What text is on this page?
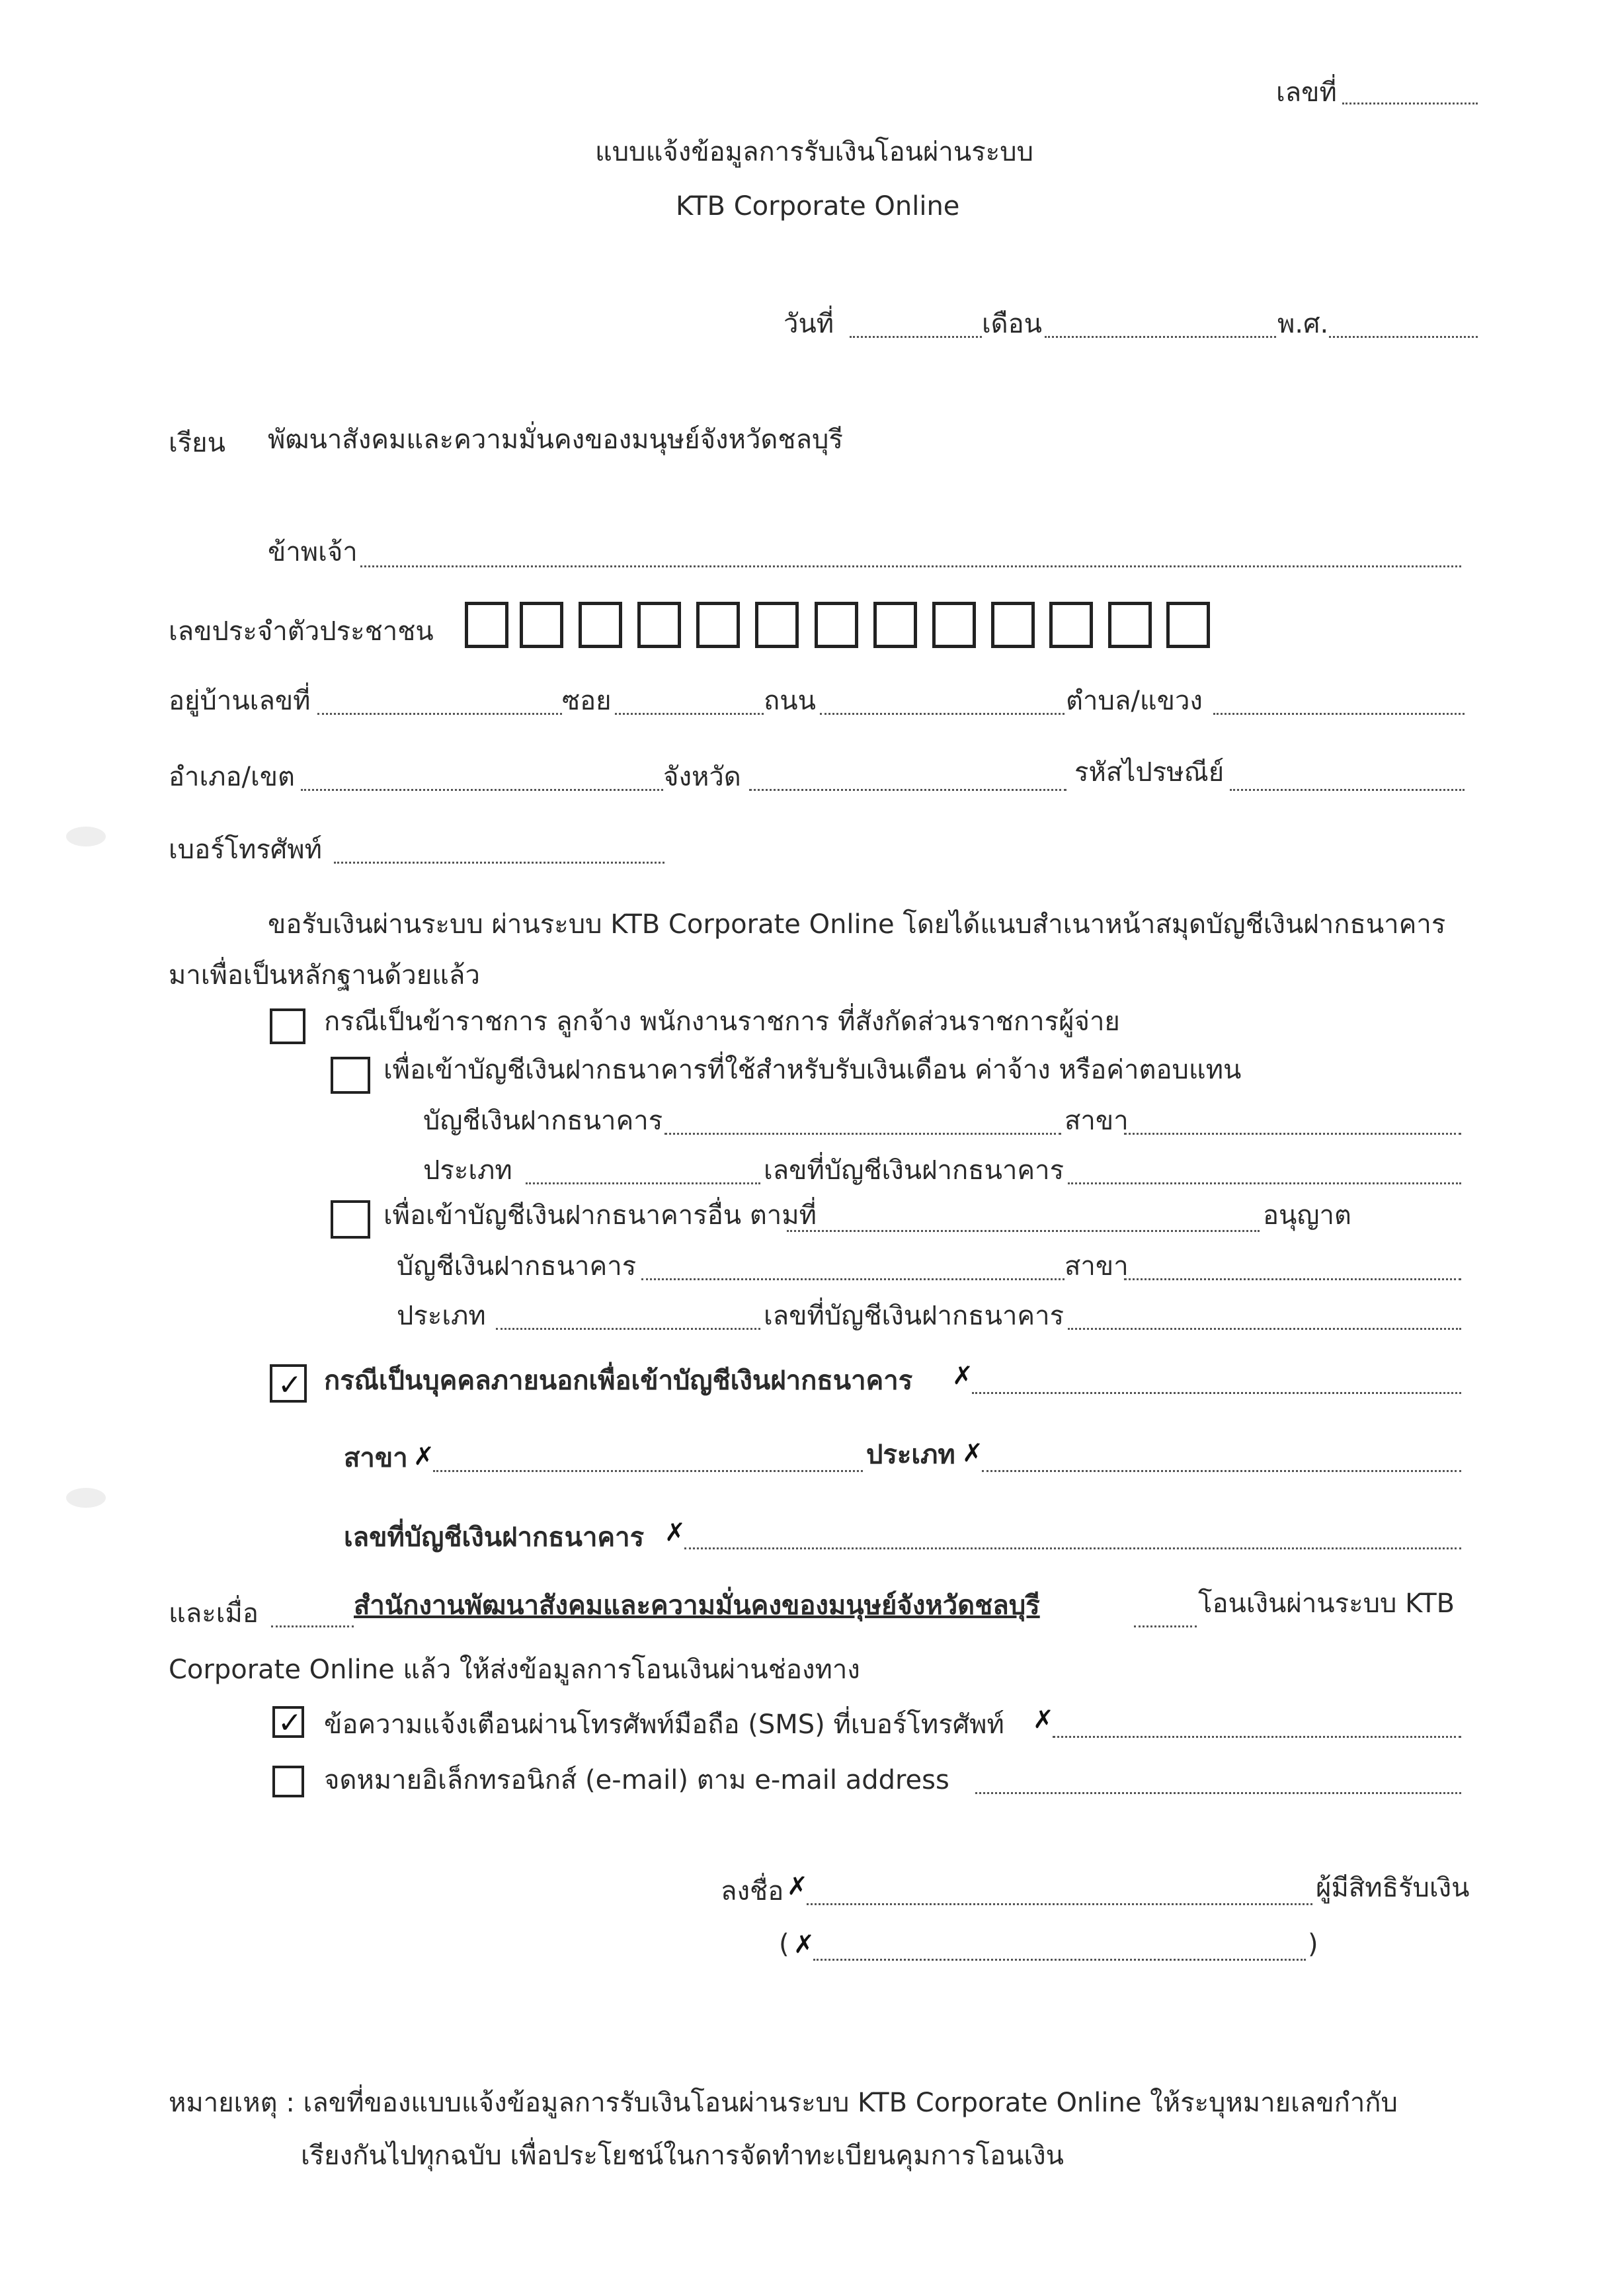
เลขที่
แบบแจ้งข้อมูลการรับเงินโอนผ่านระบบ
KTB Corporate Online
วันที่	เดือน	พ.ศ.
เรียน พัฒนาสังคมและความมั่นคงของมนุษย์จังหวัดชลบุรี
ข้าพเจ้า
เลขประจำตัวประชาชน
อยู่บ้านเลขที่	ซอย	ถนน	ตำบล/แขวง
อำเภอ/เขต	จังหวัด	รหัสไปรษณีย์
เบอร์โทรศัพท์
ขอรับเงินผ่านระบบ ผ่านระบบ KTB Corporate Online โดยได้แนบสำเนาหน้าสมุดบัญชีเงินฝากธนาคาร
มาเพื่อเป็นหลักฐานด้วยแล้ว
กรณีเป็นข้าราชการ ลูกจ้าง พนักงานราชการ ที่สังกัดส่วนราชการผู้จ่าย
เพื่อเข้าบัญชีเงินฝากธนาคารที่ใช้สำหรับรับเงินเดือน ค่าจ้าง หรือค่าตอบแทน
บัญชีเงินฝากธนาคาร	สาขา
ประเภท	เลขที่บัญชีเงินฝากธนาคาร
เพื่อเข้าบัญชีเงินฝากธนาคารอื่น ตามที่	อนุญาต
บัญชีเงินฝากธนาคาร	สาขา
ประเภท	เลขที่บัญชีเงินฝากธนาคาร
✓ กรณีเป็นบุคคลภายนอกเพื่อเข้าบัญชีเงินฝากธนาคาร ✗
สาขา ✗	ประเภท ✗
เลขที่บัญชีเงินฝากธนาคาร ✗
และเมื่อ	สำนักงานพัฒนาสังคมและความมั่นคงของมนุษย์จังหวัดชลบุรี	โอนเงินผ่านระบบ KTB
Corporate Online แล้ว ให้ส่งข้อมูลการโอนเงินผ่านช่องทาง
✓ ข้อความแจ้งเตือนผ่านโทรศัพท์มือถือ (SMS) ที่เบอร์โทรศัพท์ ✗
จดหมายอิเล็กทรอนิกส์ (e-mail) ตาม e-mail address
ลงชื่อ ✗	ผู้มีสิทธิรับเงิน
( ✗	)
หมายเหตุ : เลขที่ของแบบแจ้งข้อมูลการรับเงินโอนผ่านระบบ KTB Corporate Online ให้ระบุหมายเลขกำกับ
เรียงกันไปทุกฉบับ เพื่อประโยชน์ในการจัดทำทะเบียนคุมการโอนเงิน
